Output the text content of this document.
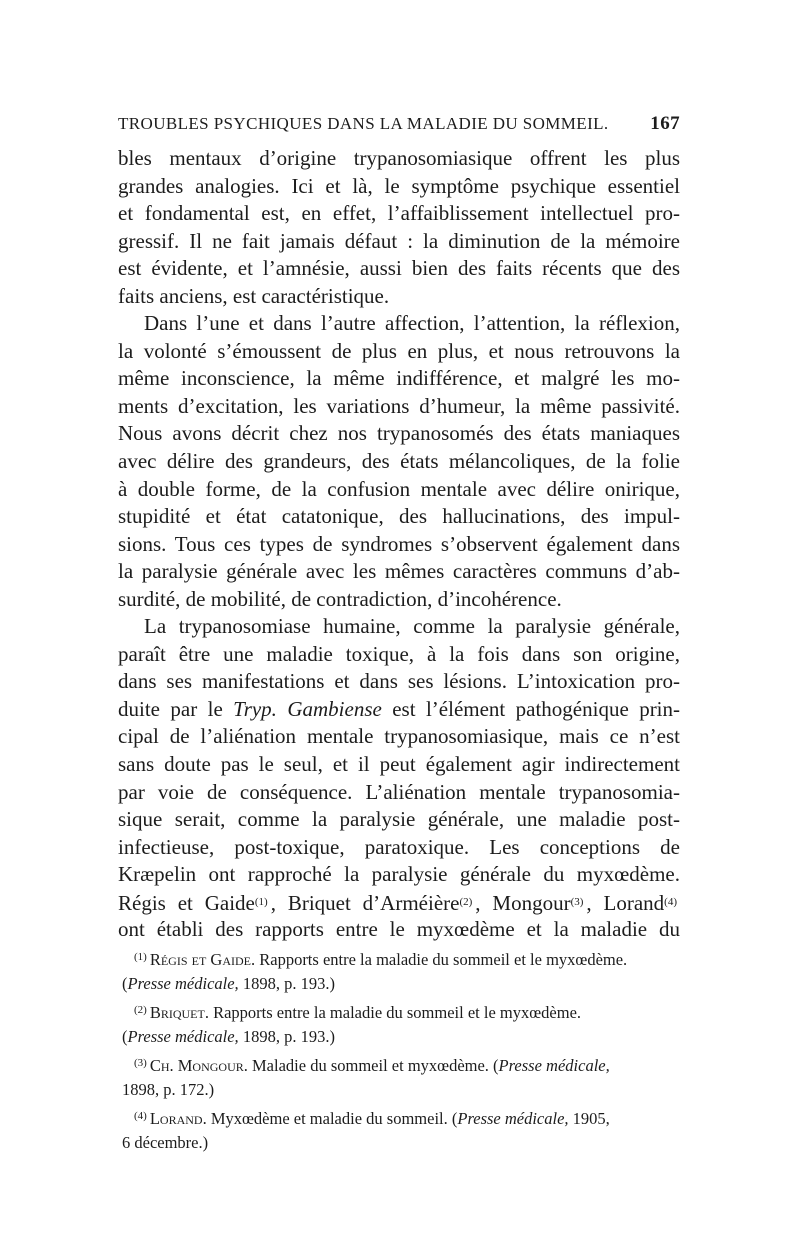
TROUBLES PSYCHIQUES DANS LA MALADIE DU SOMMEIL. 167
bles mentaux d’origine trypanosomiasique offrent les plus
grandes analogies. Ici et là, le symptôme psychique essentiel
et fondamental est, en effet, l’affaiblissement intellectuel pro-
gressif. Il ne fait jamais défaut : la diminution de la mémoire
est évidente, et l’amnésie, aussi bien des faits récents que des
faits anciens, est caractéristique.
Dans l’une et dans l’autre affection, l’attention, la réflexion,
la volonté s’émoussent de plus en plus, et nous retrouvons la
même inconscience, la même indifférence, et malgré les mo-
ments d’excitation, les variations d’humeur, la même passivité.
Nous avons décrit chez nos trypanosomés des états maniaques
avec délire des grandeurs, des états mélancoliques, de la folie
à double forme, de la confusion mentale avec délire onirique,
stupidité et état catatonique, des hallucinations, des impul-
sions. Tous ces types de syndromes s’observent également dans
la paralysie générale avec les mêmes caractères communs d’ab-
surdité, de mobilité, de contradiction, d’incohérence.
La trypanosomiase humaine, comme la paralysie générale,
paraît être une maladie toxique, à la fois dans son origine,
dans ses manifestations et dans ses lésions. L’intoxication pro-
duite par le Tryp. Gambiense est l’élément pathogénique prin-
cipal de l’aliénation mentale trypanosomiasique, mais ce n’est
sans doute pas le seul, et il peut également agir indirectement
par voie de conséquence. L’aliénation mentale trypanosomia-
sique serait, comme la paralysie générale, une maladie post-
infectieuse, post-toxique, paratoxique. Les conceptions de
Kræpelin ont rapproché la paralysie générale du myxœdème.
Régis et Gaide$^{(1)}$ , Briquet d’Arméière$^{(2)}$ , Mongour$^{(3)}$ , Lorand$^{(4)}$
ont établi des rapports entre le myxœdème et la maladie du
$^{(1)}$ Régis et Gaide. Rapports entre la maladie du sommeil et le myxœdème.
(Presse médicale, 1898, p. 193.)
$^{(2)}$ Briquet. Rapports entre la maladie du sommeil et le myxœdème.
(Presse médicale, 1898, p. 193.)
$^{(3)}$ Ch. Mongour. Maladie du sommeil et myxœdème. (Presse médicale,
1898, p. 172.)
$^{(4)}$ Lorand. Myxœdème et maladie du sommeil. (Presse médicale, 1905,
6 décembre.)
